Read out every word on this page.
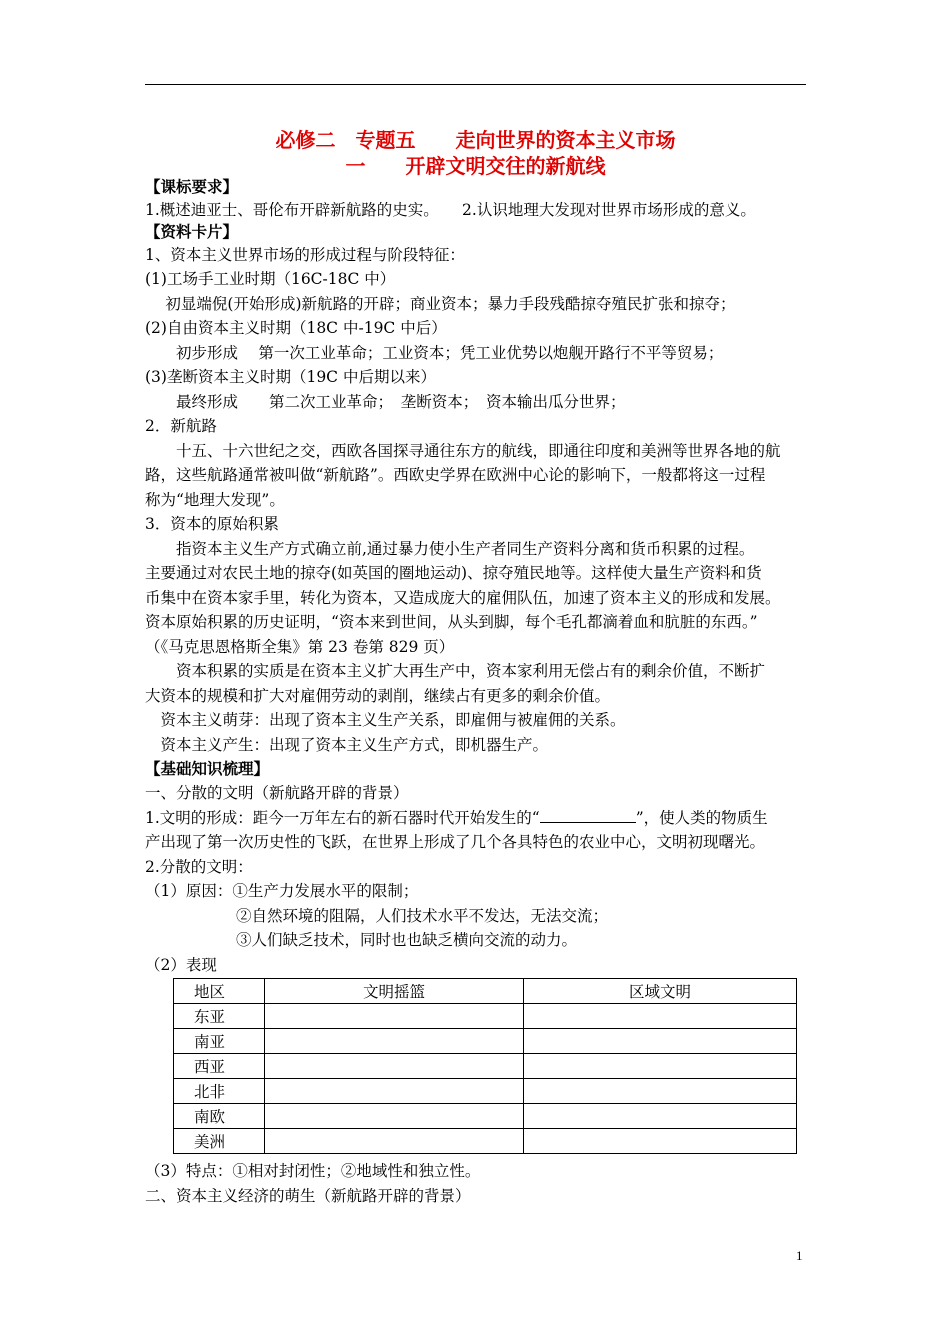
必修二　专题五　　走向世界的资本主义市场
一　　开辟文明交往的新航线
【课标要求】
1.概述迪亚士、哥伦布开辟新航路的史实。　　2.认识地理大发现对世界市场形成的意义。
【资料卡片】
1、资本主义世界市场的形成过程与阶段特征：
(1)工场手工业时期（16C-18C 中）
　 初显端倪(开始形成)新航路的开辟；商业资本；暴力手段残酷掠夺殖民扩张和掠夺；
(2)自由资本主义时期（18C 中-19C 中后）
　　初步形成　 第一次工业革命；工业资本；凭工业优势以炮舰开路行不平等贸易；
(3)垄断资本主义时期（19C 中后期以来）
　　最终形成　　第二次工业革命；　垄断资本；　资本输出瓜分世界；
2．新航路
　　十五、十六世纪之交，西欧各国探寻通往东方的航线，即通往印度和美洲等世界各地的航
路，这些航路通常被叫做“新航路”。西欧史学界在欧洲中心论的影响下，一般都将这一过程
称为“地理大发现”。
3．资本的原始积累
　　指资本主义生产方式确立前,通过暴力使小生产者同生产资料分离和货币积累的过程。
主要通过对农民土地的掠夺(如英国的圈地运动)、掠夺殖民地等。这样使大量生产资料和货
币集中在资本家手里，转化为资本，又造成庞大的雇佣队伍，加速了资本主义的形成和发展。
资本原始积累的历史证明，“资本来到世间，从头到脚，每个毛孔都滴着血和肮脏的东西。”
（《马克思恩格斯全集》第 23 卷第 829 页）
　　资本积累的实质是在资本主义扩大再生产中，资本家利用无偿占有的剩余价值，不断扩
大资本的规模和扩大对雇佣劳动的剥削，继续占有更多的剩余价值。
　资本主义萌芽：出现了资本主义生产关系，即雇佣与被雇佣的关系。
　资本主义产生：出现了资本主义生产方式，即机器生产。
【基础知识梳理】
一、分散的文明（新航路开辟的背景）
1.文明的形成：距今一万年左右的新石器时代开始发生的“	”，使人类的物质生
产出现了第一次历史性的飞跃，在世界上形成了几个各具特色的农业中心，文明初现曙光。
2.分散的文明：
（1）原因：①生产力发展水平的限制；
②自然环境的阻隔，人们技术水平不发达，无法交流；
③人们缺乏技术，同时也也缺乏横向交流的动力。
（2）表现
地区	文明摇篮	区域文明
东亚		
南亚		
西亚		
北非		
南欧		
美洲		
（3）特点：①相对封闭性；②地域性和独立性。
二、资本主义经济的萌生（新航路开辟的背景）
1
